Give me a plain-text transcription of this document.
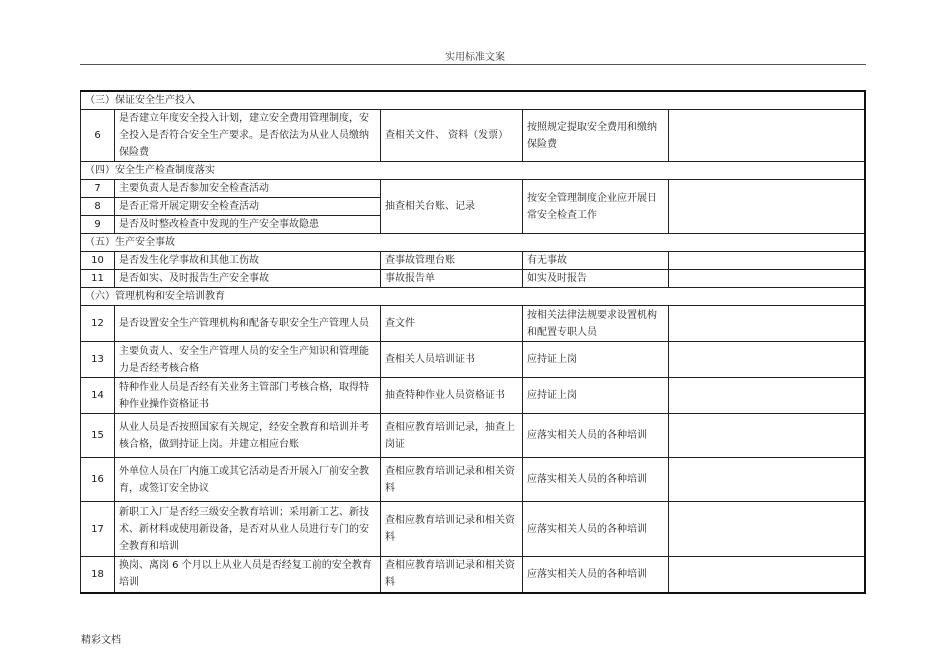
实用标准文案
（三）保证安全生产投入				
6	是否建立年度安全投入计划，建立安全费用管理制度，安全投入是否符合安全生产要求。是否依法为从业人员缴纳保险费	查相关文件、 资料（发票）	按照规定提取安全费用和缴纳保险费	
（四）安全生产检查制度落实				
7	主要负责人是否参加安全检查活动	抽查相关台账、记录	按安全管理制度企业应开展日常安全检查工作	
8	是否正常开展定期安全检查活动			
9	是否及时整改检查中发现的生产安全事故隐患			
（五）生产安全事故				
10	是否发生化学事故和其他工伤故	查事故管理台账	有无事故	
11	是否如实、及时报告生产安全事故	事故报告单	如实及时报告	
（六）管理机构和安全培训教育				
12	是否设置安全生产管理机构和配备专职安全生产管理人员	查文件	按相关法律法规要求设置机构和配置专职人员	
13	主要负责人、安全生产管理人员的安全生产知识和管理能力是否经考核合格	查相关人员培训证书	应持证上岗	
14	特种作业人员是否经有关业务主管部门考核合格，取得特种作业操作资格证书	抽查特种作业人员资格证书	应持证上岗	
15	从业人员是否按照国家有关规定，经安全教育和培训并考核合格，做到持证上岗。并建立相应台账	查相应教育培训记录，抽查上岗证	应落实相关人员的各种培训	
16	外单位人员在厂内施工或其它活动是否开展入厂前安全教育，或签订安全协议	查相应教育培训记录和相关资料	应落实相关人员的各种培训	
17	新职工入厂是否经三级安全教育培训；采用新工艺、新技术、新材料或使用新设备，是否对从业人员进行专门的安全教育和培训	查相应教育培训记录和相关资料	应落实相关人员的各种培训	
18	换岗、离岗 6 个月以上从业人员是否经复工前的安全教育培训	查相应教育培训记录和相关资料	应落实相关人员的各种培训	
精彩文档
